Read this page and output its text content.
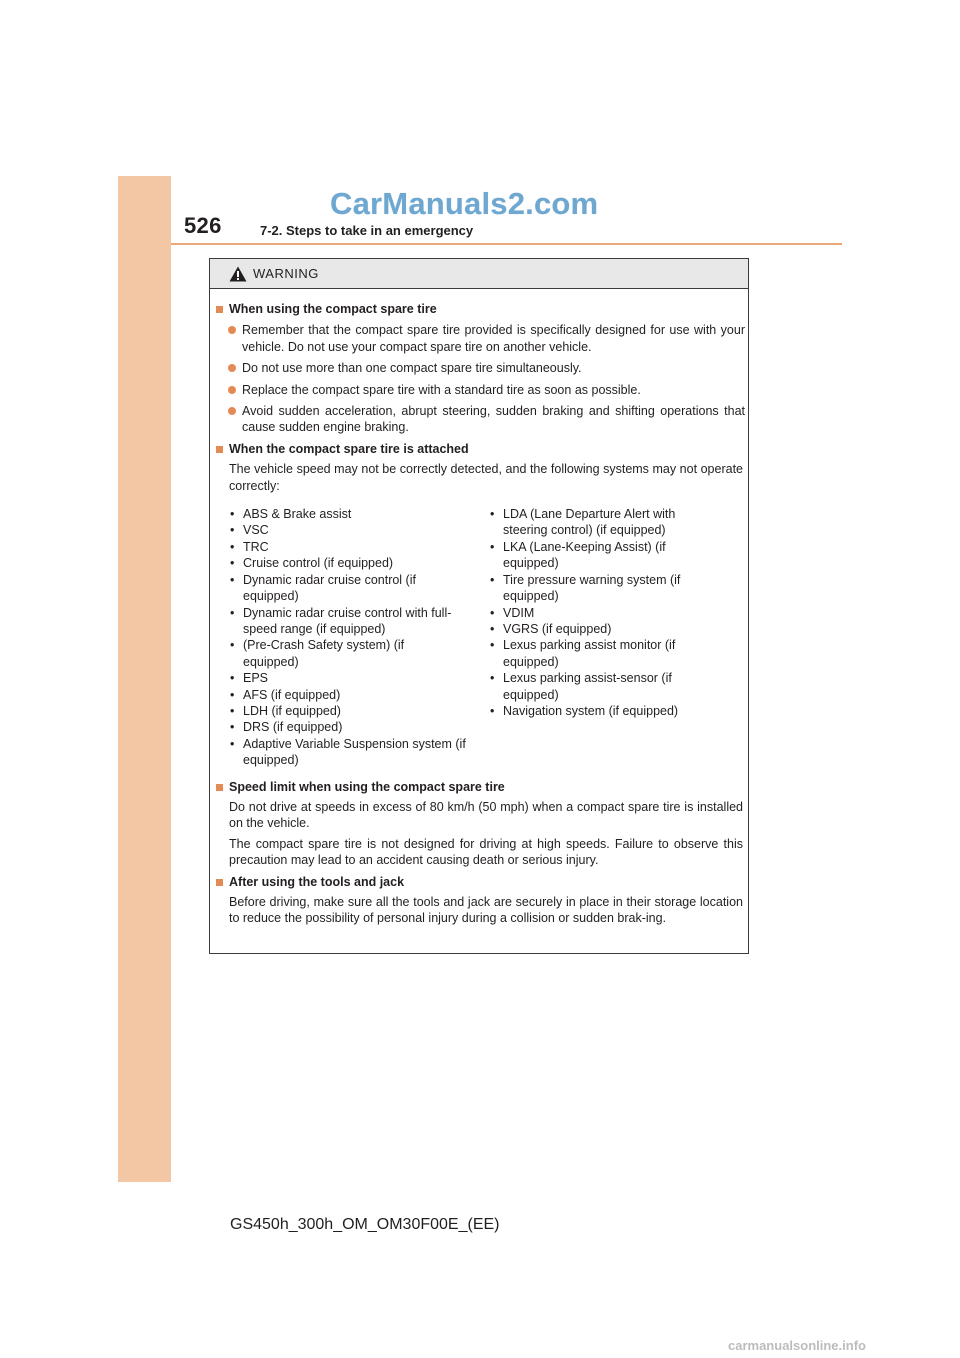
526	7-2. Steps to take in an emergency
CarManuals2.com
WARNING
When using the compact spare tire
Remember that the compact spare tire provided is specifically designed for use with your vehicle. Do not use your compact spare tire on another vehicle.
Do not use more than one compact spare tire simultaneously.
Replace the compact spare tire with a standard tire as soon as possible.
Avoid sudden acceleration, abrupt steering, sudden braking and shifting operations that cause sudden engine braking.
When the compact spare tire is attached
The vehicle speed may not be correctly detected, and the following systems may not operate correctly:
• ABS & Brake assist
• VSC
• TRC
• Cruise control (if equipped)
• Dynamic radar cruise control (if equipped)
• Dynamic radar cruise control with full-speed range (if equipped)
• (Pre-Crash Safety system) (if equipped)
• EPS
• AFS (if equipped)
• LDH (if equipped)
• DRS (if equipped)
• Adaptive Variable Suspension system (if equipped)
• LDA (Lane Departure Alert with steering control) (if equipped)
• LKA (Lane-Keeping Assist) (if equipped)
• Tire pressure warning system (if equipped)
• VDIM
• VGRS (if equipped)
• Lexus parking assist monitor (if equipped)
• Lexus parking assist-sensor (if equipped)
• Navigation system (if equipped)
Speed limit when using the compact spare tire
Do not drive at speeds in excess of 80 km/h (50 mph) when a compact spare tire is installed on the vehicle.
The compact spare tire is not designed for driving at high speeds. Failure to observe this precaution may lead to an accident causing death or serious injury.
After using the tools and jack
Before driving, make sure all the tools and jack are securely in place in their storage location to reduce the possibility of personal injury during a collision or sudden brak-ing.
GS450h_300h_OM_OM30F00E_(EE)
carmanualsonline.info
